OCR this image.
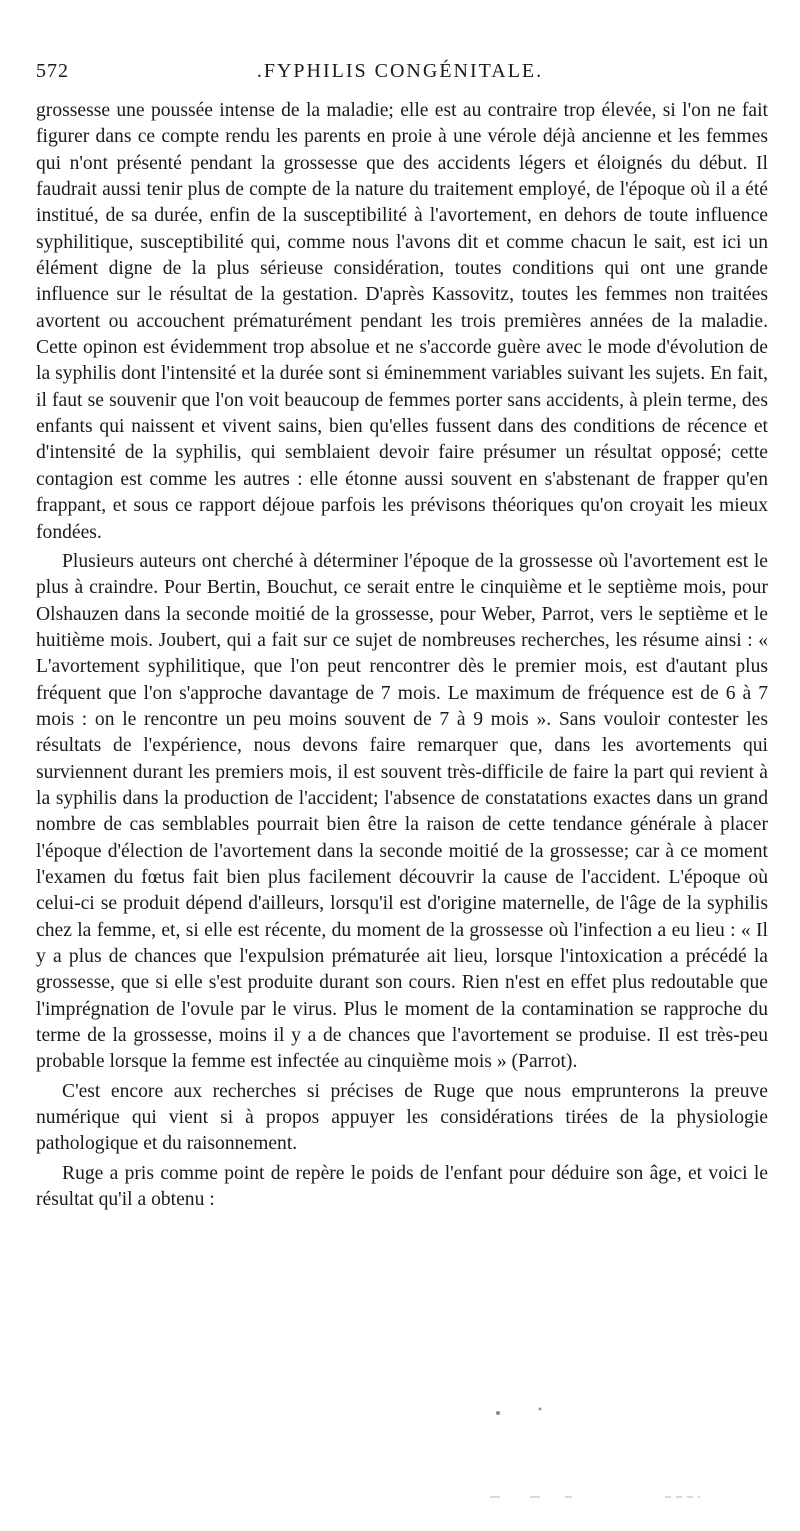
572	.FYPHILIS CONGÉNITALE.

grossesse une poussée intense de la maladie; elle est au contraire trop élevée, si l'on ne fait figurer dans ce compte rendu les parents en proie à une vérole déjà ancienne et les femmes qui n'ont présenté pendant la grossesse que des accidents légers et éloignés du début. Il faudrait aussi tenir plus de compte de la nature du traitement employé, de l'époque où il a été institué, de sa durée, enfin de la susceptibilité à l'avortement, en dehors de toute influence syphilitique, susceptibilité qui, comme nous l'avons dit et comme chacun le sait, est ici un élément digne de la plus sérieuse considération, toutes conditions qui ont une grande influence sur le résultat de la gestation. D'après Kassovitz, toutes les femmes non traitées avortent ou accouchent prématurément pendant les trois premières années de la maladie. Cette opinon est évidemment trop absolue et ne s'accorde guère avec le mode d'évolution de la syphilis dont l'intensité et la durée sont si éminemment variables suivant les sujets. En fait, il faut se souvenir que l'on voit beaucoup de femmes porter sans accidents, à plein terme, des enfants qui naissent et vivent sains, bien qu'elles fussent dans des conditions de récence et d'intensité de la syphilis, qui semblaient devoir faire présumer un résultat opposé; cette contagion est comme les autres : elle étonne aussi souvent en s'abstenant de frapper qu'en frappant, et sous ce rapport déjoue parfois les prévisons théoriques qu'on croyait les mieux fondées.

Plusieurs auteurs ont cherché à déterminer l'époque de la grossesse où l'avortement est le plus à craindre. Pour Bertin, Bouchut, ce serait entre le cinquième et le septième mois, pour Olshauzen dans la seconde moitié de la grossesse, pour Weber, Parrot, vers le septième et le huitième mois. Joubert, qui a fait sur ce sujet de nombreuses recherches, les résume ainsi : « L'avortement syphilitique, que l'on peut rencontrer dès le premier mois, est d'autant plus fréquent que l'on s'approche davantage de 7 mois. Le maximum de fréquence est de 6 à 7 mois : on le rencontre un peu moins souvent de 7 à 9 mois ». Sans vouloir contester les résultats de l'expérience, nous devons faire remarquer que, dans les avortements qui surviennent durant les premiers mois, il est souvent très-difficile de faire la part qui revient à la syphilis dans la production de l'accident; l'absence de constatations exactes dans un grand nombre de cas semblables pourrait bien être la raison de cette tendance générale à placer l'époque d'élection de l'avortement dans la seconde moitié de la grossesse; car à ce moment l'examen du fœtus fait bien plus facilement découvrir la cause de l'accident. L'époque où celui-ci se produit dépend d'ailleurs, lorsqu'il est d'origine maternelle, de l'âge de la syphilis chez la femme, et, si elle est récente, du moment de la grossesse où l'infection a eu lieu : « Il y a plus de chances que l'expulsion prématurée ait lieu, lorsque l'intoxication a précédé la grossesse, que si elle s'est produite durant son cours. Rien n'est en effet plus redoutable que l'imprégnation de l'ovule par le virus. Plus le moment de la contamination se rapproche du terme de la grossesse, moins il y a de chances que l'avortement se produise. Il est très-peu probable lorsque la femme est infectée au cinquième mois » (Parrot).

C'est encore aux recherches si précises de Ruge que nous emprunterons la preuve numérique qui vient si à propos appuyer les considérations tirées de la physiologie pathologique et du raisonnement.

Ruge a pris comme point de repère le poids de l'enfant pour déduire son âge, et voici le résultat qu'il a obtenu :
